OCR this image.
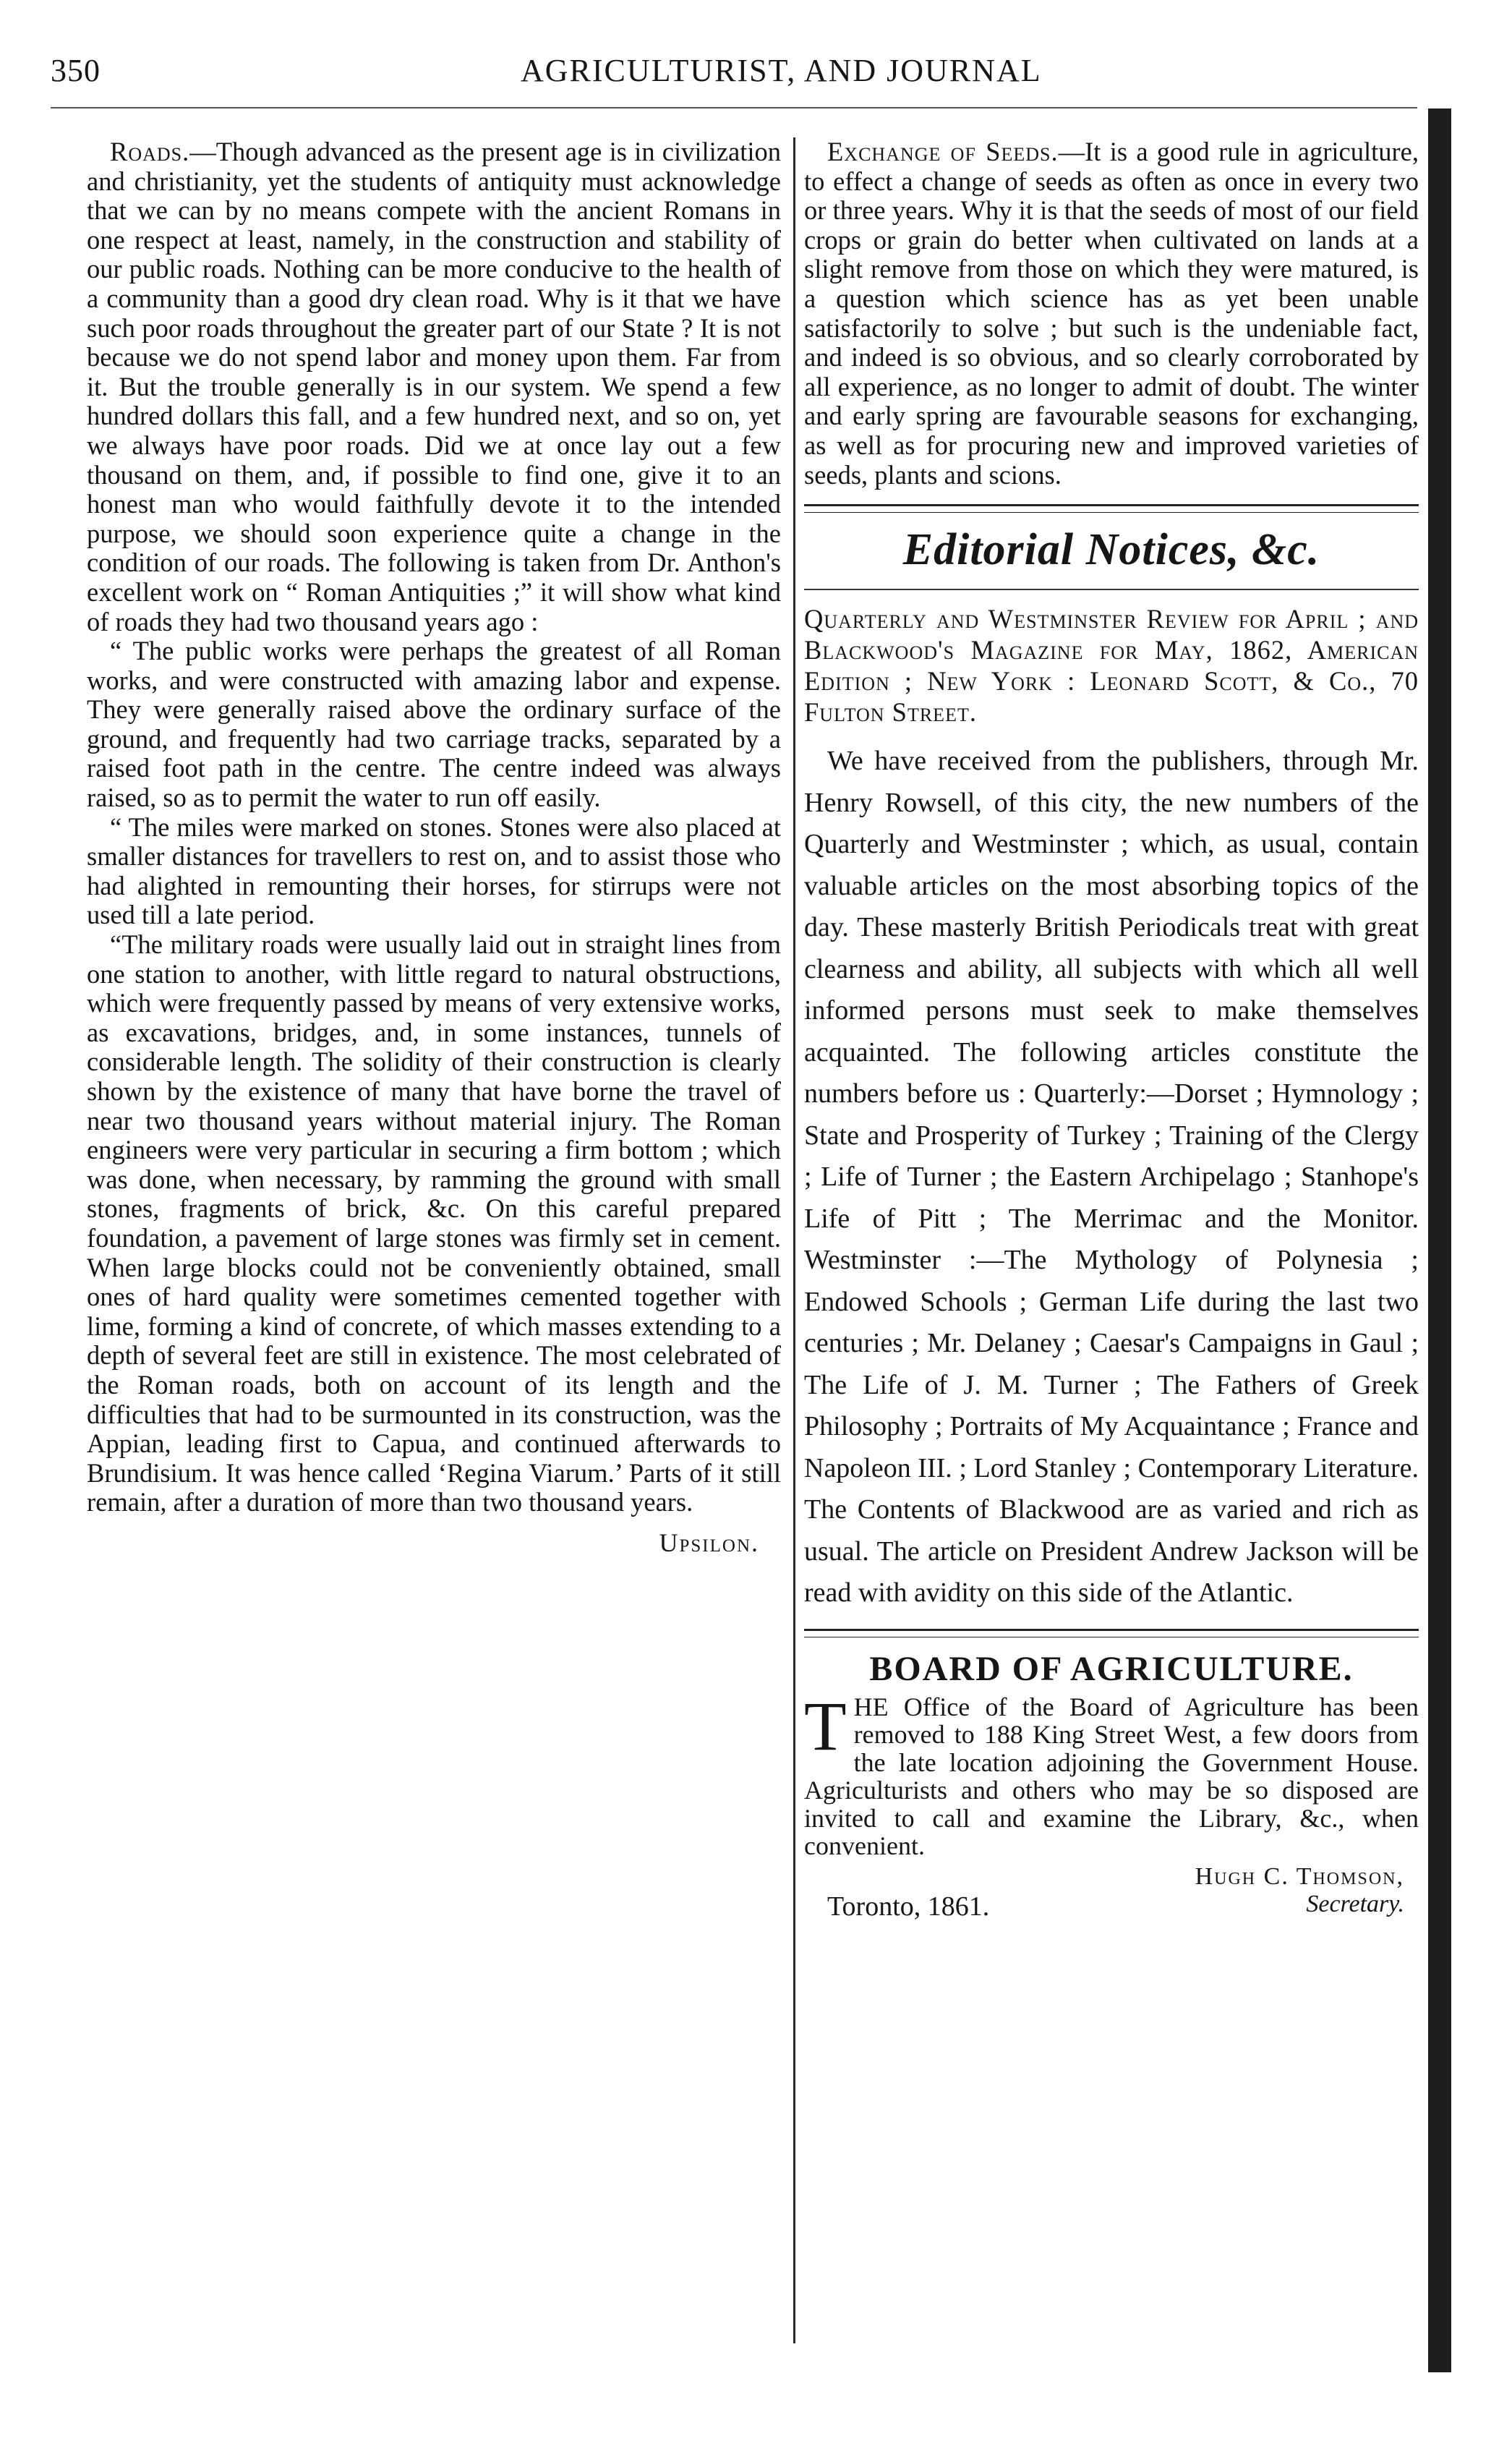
350	AGRICULTURIST, AND JOURNAL

Roads.—Though advanced as the present age is in civilization and christianity, yet the students of antiquity must acknowledge that we can by no means compete with the ancient Romans in one respect at least, namely, in the construction and stability of our public roads. Nothing can be more conducive to the health of a community than a good dry clean road. Why is it that we have such poor roads throughout the greater part of our State ? It is not because we do not spend labor and money upon them. Far from it. But the trouble generally is in our system. We spend a few hundred dollars this fall, and a few hundred next, and so on, yet we always have poor roads. Did we at once lay out a few thousand on them, and, if possible to find one, give it to an honest man who would faithfully devote it to the intended purpose, we should soon experience quite a change in the condition of our roads. The following is taken from Dr. Anthon's excellent work on “ Roman Antiquities ;” it will show what kind of roads they had two thousand years ago :

“ The public works were perhaps the greatest of all Roman works, and were constructed with amazing labor and expense. They were generally raised above the ordinary surface of the ground, and frequently had two carriage tracks, separated by a raised foot path in the centre. The centre indeed was always raised, so as to permit the water to run off easily.

“ The miles were marked on stones. Stones were also placed at smaller distances for travellers to rest on, and to assist those who had alighted in remounting their horses, for stirrups were not used till a late period.

“The military roads were usually laid out in straight lines from one station to another, with little regard to natural obstructions, which were frequently passed by means of very extensive works, as excavations, bridges, and, in some instances, tunnels of considerable length. The solidity of their construction is clearly shown by the existence of many that have borne the travel of near two thousand years without material injury. The Roman engineers were very particular in securing a firm bottom ; which was done, when necessary, by ramming the ground with small stones, fragments of brick, &c. On this careful prepared foundation, a pavement of large stones was firmly set in cement. When large blocks could not be conveniently obtained, small ones of hard quality were sometimes cemented together with lime, forming a kind of concrete, of which masses extending to a depth of several feet are still in existence. The most celebrated of the Roman roads, both on account of its length and the difficulties that had to be surmounted in its construction, was the Appian, leading first to Capua, and continued afterwards to Brundisium. It was hence called ‘Regina Viarum.’ Parts of it still remain, after a duration of more than two thousand years.

Upsilon.

Exchange of Seeds.—It is a good rule in agriculture, to effect a change of seeds as often as once in every two or three years. Why it is that the seeds of most of our field crops or grain do better when cultivated on lands at a slight remove from those on which they were matured, is a question which science has as yet been unable satisfactorily to solve ; but such is the undeniable fact, and indeed is so obvious, and so clearly corroborated by all experience, as no longer to admit of doubt. The winter and early spring are favourable seasons for exchanging, as well as for procuring new and improved varieties of seeds, plants and scions.

Editorial Notices, &c.

Quarterly and Westminster Review for April ; and Blackwood's Magazine for May, 1862, American Edition ; New York : Leonard Scott, & Co., 70 Fulton Street.

We have received from the publishers, through Mr. Henry Rowsell, of this city, the new numbers of the Quarterly and Westminster ; which, as usual, contain valuable articles on the most absorbing topics of the day. These masterly British Periodicals treat with great clearness and ability, all subjects with which all well informed persons must seek to make themselves acquainted. The following articles constitute the numbers before us : Quarterly:—Dorset ; Hymnology ; State and Prosperity of Turkey ; Training of the Clergy ; Life of Turner ; the Eastern Archipelago ; Stanhope's Life of Pitt ; The Merrimac and the Monitor. Westminster :—The Mythology of Polynesia ; Endowed Schools ; German Life during the last two centuries ; Mr. Delaney ; Caesar's Campaigns in Gaul ; The Life of J. M. Turner ; The Fathers of Greek Philosophy ; Portraits of My Acquaintance ; France and Napoleon III. ; Lord Stanley ; Contemporary Literature. The Contents of Blackwood are as varied and rich as usual. The article on President Andrew Jackson will be read with avidity on this side of the Atlantic.

BOARD OF AGRICULTURE.

THE Office of the Board of Agriculture has been removed to 188 King Street West, a few doors from the late location adjoining the Government House. Agriculturists and others who may be so disposed are invited to call and examine the Library, &c., when convenient.

Hugh C. Thomson,
Toronto, 1861.	Secretary.
